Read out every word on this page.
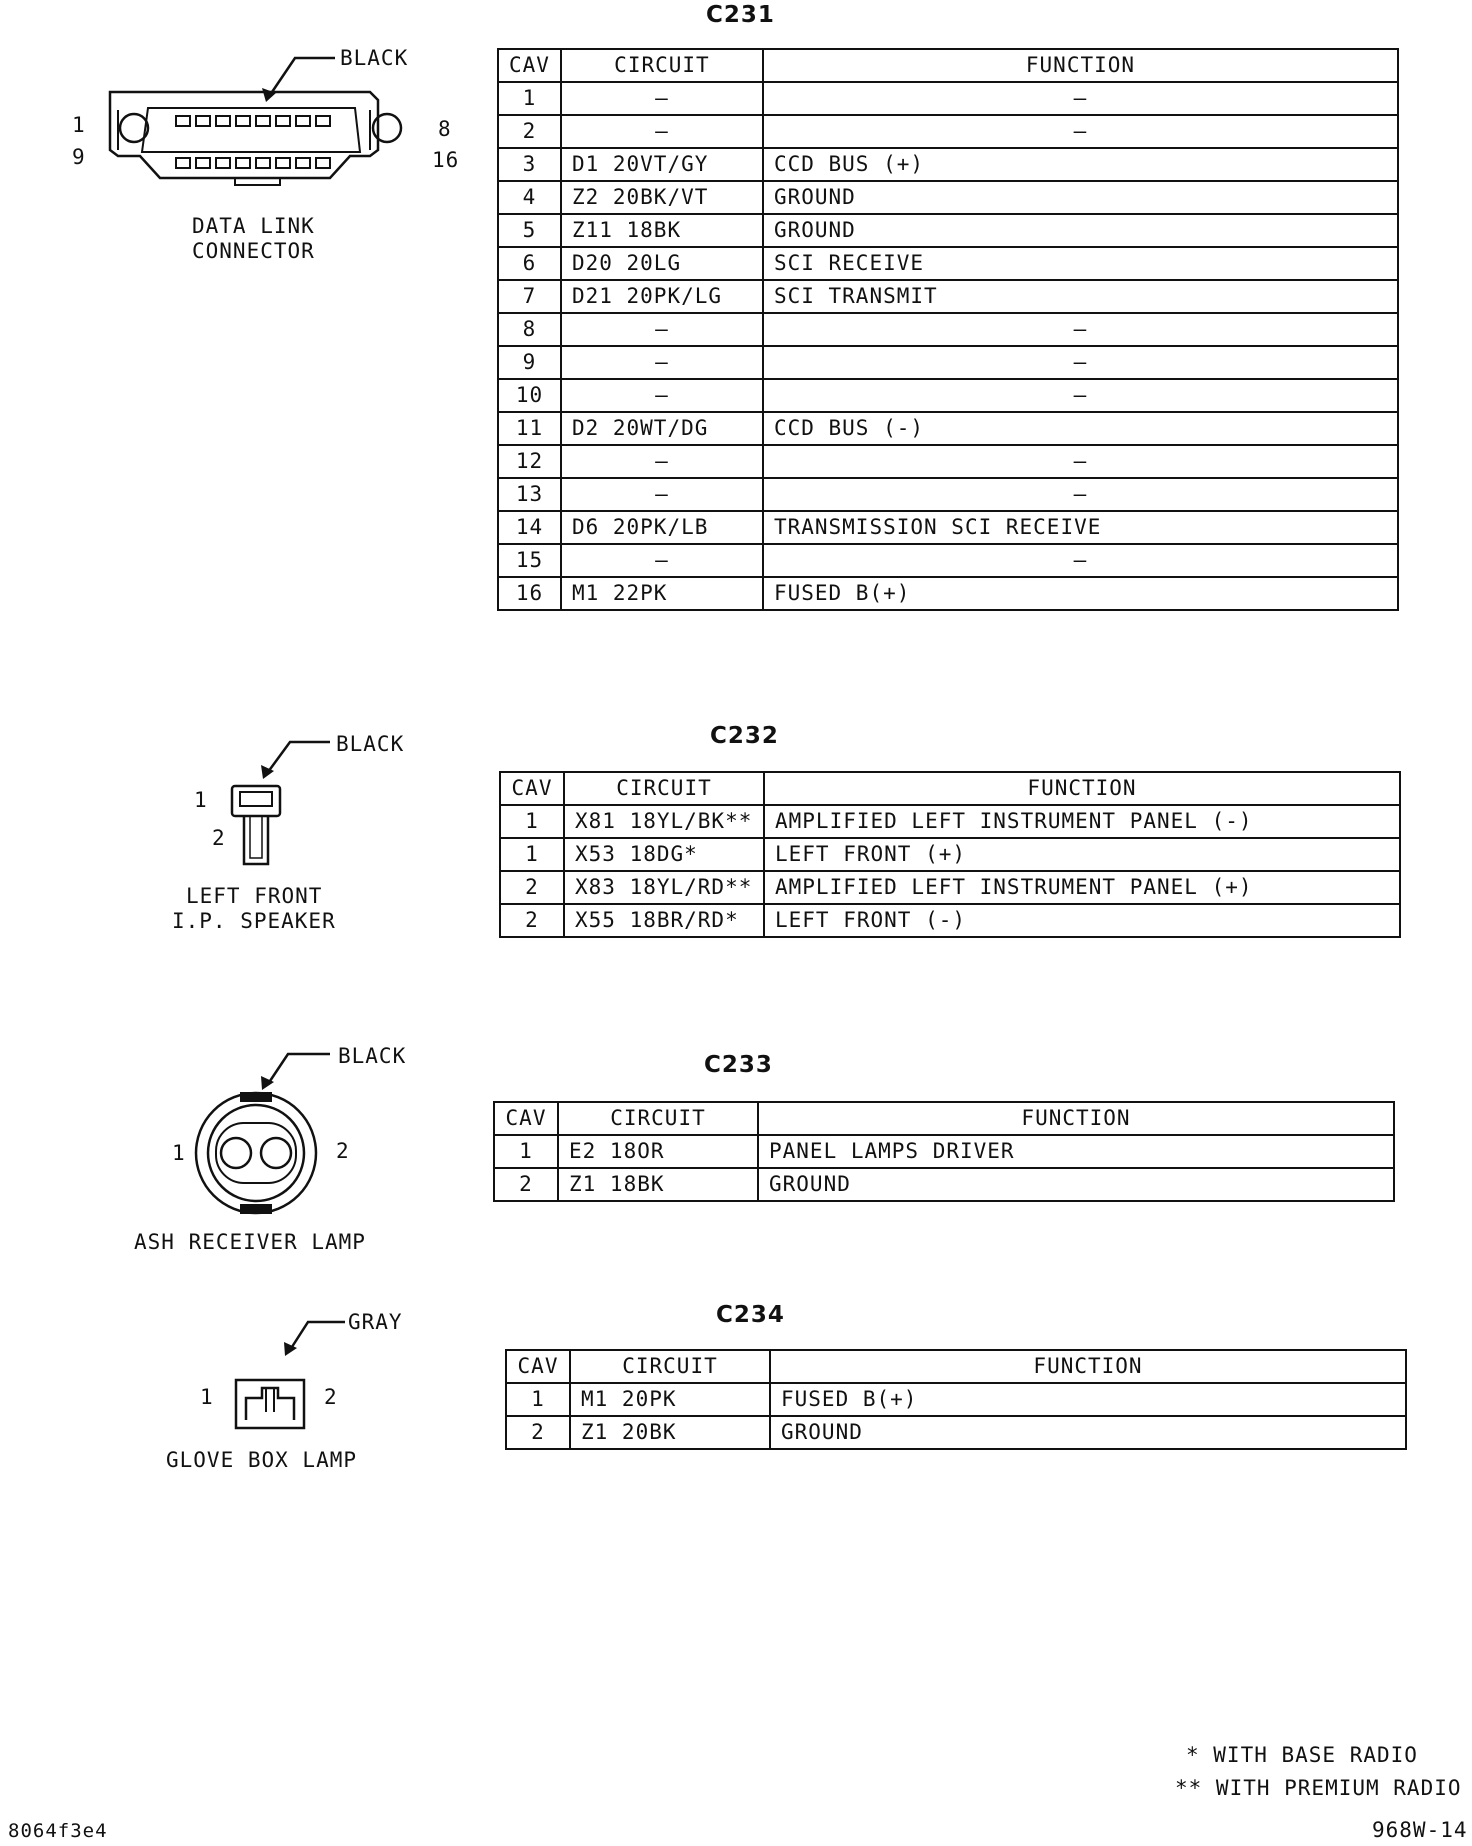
C231
BLACK
1	8
9	16
DATA LINK
CONNECTOR
CAV	CIRCUIT	FUNCTION
1	–	–
2	–	–
3	D1 20VT/GY	CCD BUS (+)
4	Z2 20BK/VT	GROUND
5	Z11 18BK	GROUND
6	D20 20LG	SCI RECEIVE
7	D21 20PK/LG	SCI TRANSMIT
8	–	–
9	–	–
10	–	–
11	D2 20WT/DG	CCD BUS (-)
12	–	–
13	–	–
14	D6 20PK/LB	TRANSMISSION SCI RECEIVE
15	–	–
16	M1 22PK	FUSED B(+)
C232
BLACK
1
2
LEFT FRONT
I.P. SPEAKER
CAV	CIRCUIT	FUNCTION
1	X81 18YL/BK**	AMPLIFIED LEFT INSTRUMENT PANEL (-)
1	X53 18DG*	LEFT FRONT (+)
2	X83 18YL/RD**	AMPLIFIED LEFT INSTRUMENT PANEL (+)
2	X55 18BR/RD*	LEFT FRONT (-)
C233
BLACK
1	2
ASH RECEIVER LAMP
CAV	CIRCUIT	FUNCTION
1	E2 18OR	PANEL LAMPS DRIVER
2	Z1 18BK	GROUND
C234
GRAY
1	2
GLOVE BOX LAMP
CAV	CIRCUIT	FUNCTION
1	M1 20PK	FUSED B(+)
2	Z1 20BK	GROUND
* WITH BASE RADIO
** WITH PREMIUM RADIO
8064f3e4	968W-14
